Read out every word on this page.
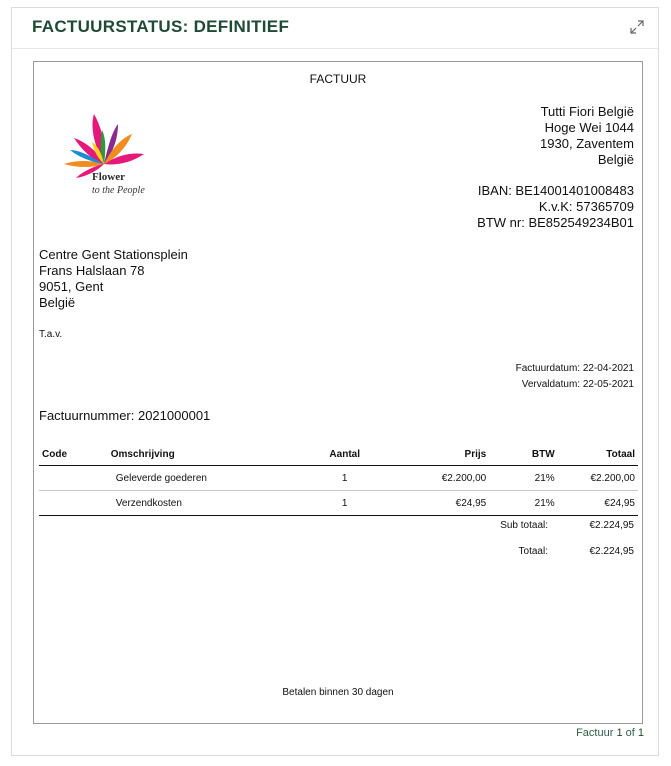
FACTUURSTATUS: DEFINITIEF
FACTUUR
Flower
to the People
Tutti Fiori België
Hoge Wei 1044
1930, Zaventem
België
IBAN: BE14001401008483
K.v.K: 57365709
BTW nr: BE852549234B01
Centre Gent Stationsplein
Frans Halslaan 78
9051, Gent
België
T.a.v.
Factuurdatum: 22-04-2021
Vervaldatum: 22-05-2021
Factuurnummer: 2021000001
Code	Omschrijving	Aantal	Prijs	BTW	Totaal
	Geleverde goederen	1	€2.200,00	21%	€2.200,00
	Verzendkosten	1	€24,95	21%	€24,95
Sub totaal:	€2.224,95
Totaal:	€2.224,95
Betalen binnen 30 dagen
Factuur 1 of 1
